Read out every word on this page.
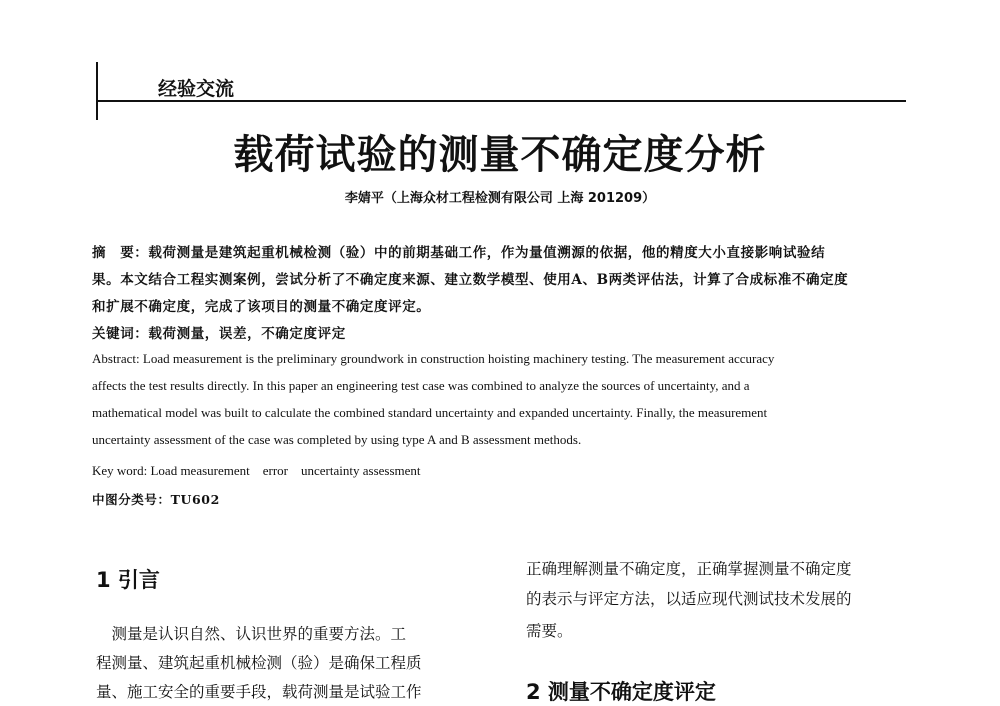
经验交流
载荷试验的测量不确定度分析
李婧平（上海众材工程检测有限公司 上海 201209）
摘　要：载荷测量是建筑起重机械检测（验）中的前期基础工作，作为量值溯源的依据，他的精度大小直接影响试验结
果。本文结合工程实测案例，尝试分析了不确定度来源、建立数学模型、使用A、B两类评估法，计算了合成标准不确定度
和扩展不确定度，完成了该项目的测量不确定度评定。
关键词：载荷测量，误差，不确定度评定
Abstract: Load measurement is the preliminary groundwork in construction hoisting machinery testing. The measurement accuracy
affects the test results directly. In this paper an engineering test case was combined to analyze the sources of uncertainty, and a
mathematical model was built to calculate the combined standard uncertainty and expanded uncertainty. Finally, the measurement
uncertainty assessment of the case was completed by using type A and B assessment methods.
Key word: Load measurement　error　uncertainty assessment
中图分类号：TU602
1 引言
　测量是认识自然、认识世界的重要方法。工
程测量、建筑起重机械检测（验）是确保工程质
量、施工安全的重要手段，载荷测量是试验工作
正确理解测量不确定度，正确掌握测量不确定度
的表示与评定方法，以适应现代测试技术发展的
需要。
2 测量不确定度评定
